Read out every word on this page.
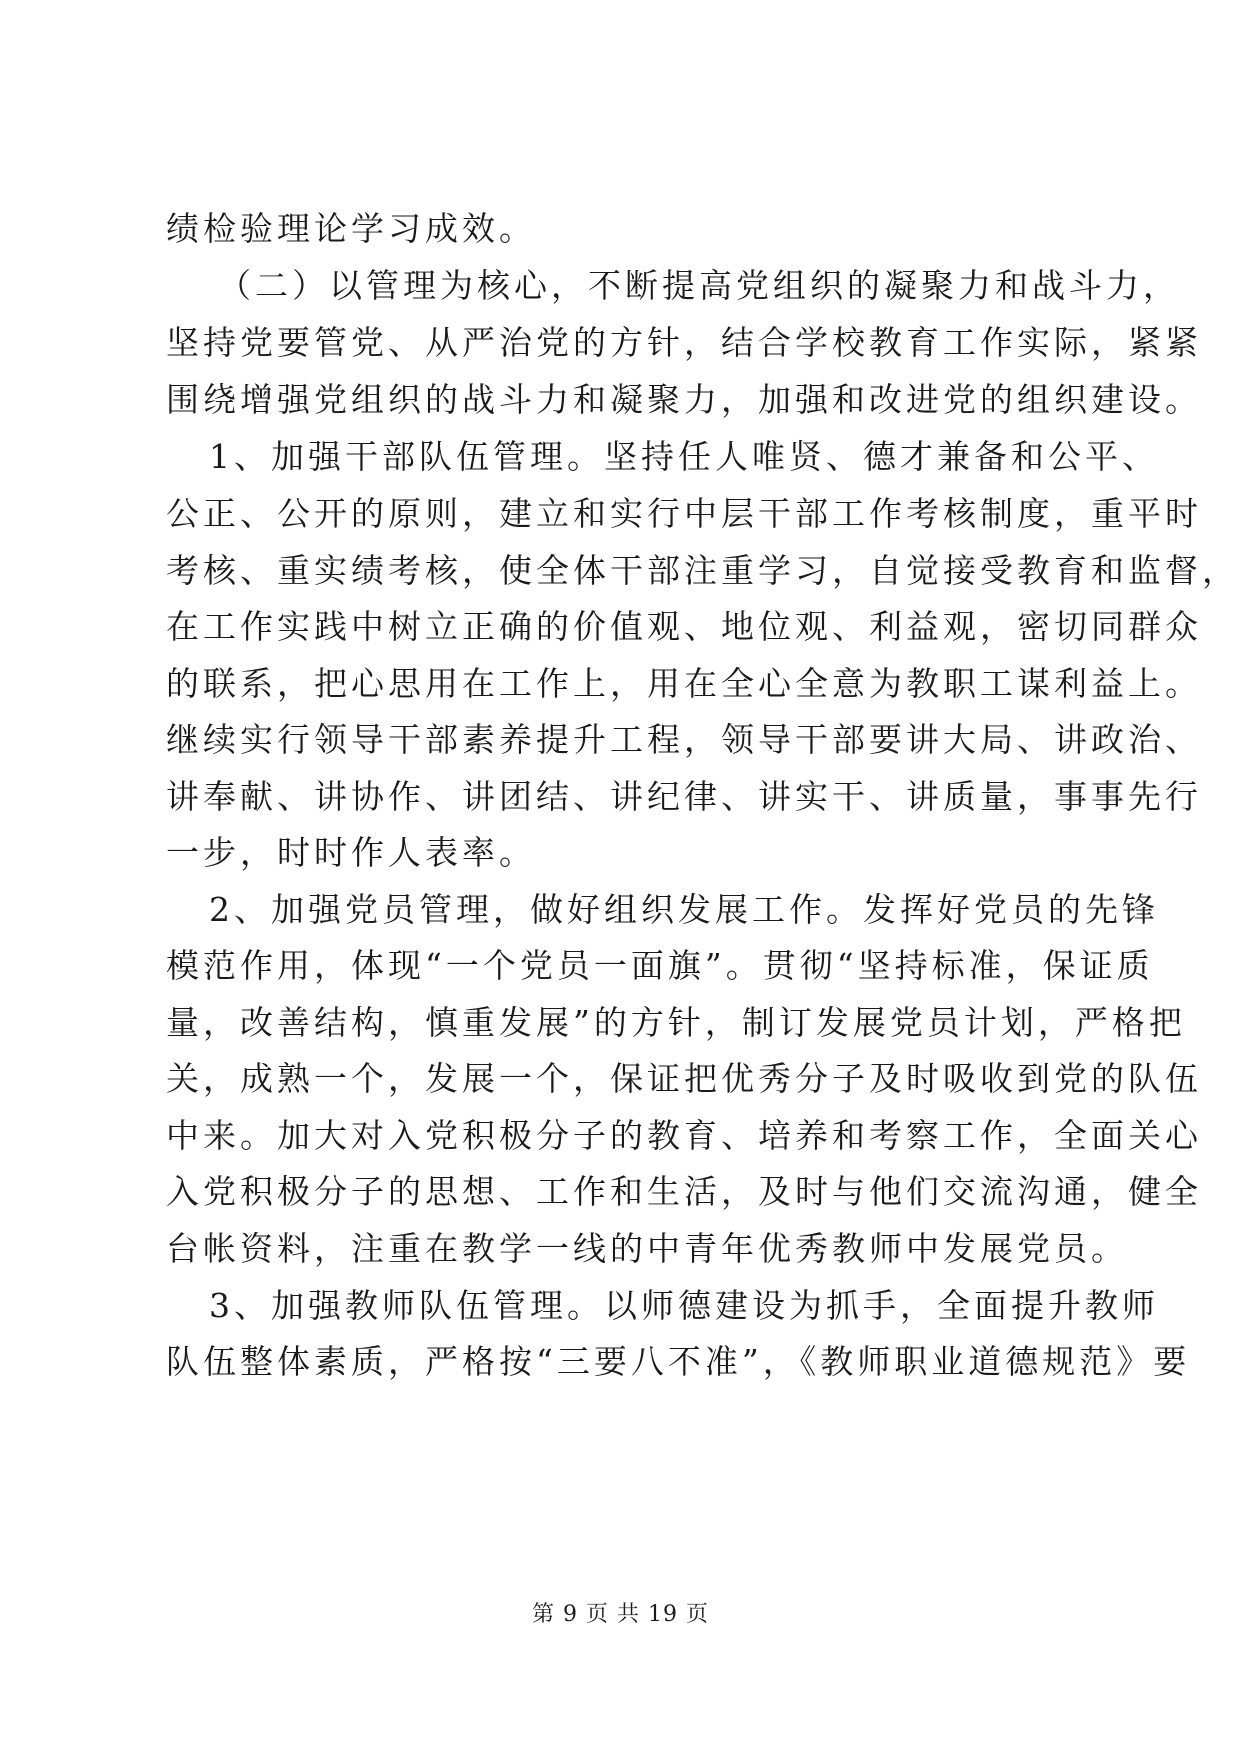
绩检验理论学习成效。
（二）以管理为核心，不断提高党组织的凝聚力和战斗力，
坚持党要管党、从严治党的方针，结合学校教育工作实际，紧紧
围绕增强党组织的战斗力和凝聚力，加强和改进党的组织建设。
1、加强干部队伍管理。坚持任人唯贤、德才兼备和公平、
公正、公开的原则，建立和实行中层干部工作考核制度，重平时
考核、重实绩考核，使全体干部注重学习，自觉接受教育和监督，
在工作实践中树立正确的价值观、地位观、利益观，密切同群众
的联系，把心思用在工作上，用在全心全意为教职工谋利益上。
继续实行领导干部素养提升工程，领导干部要讲大局、讲政治、
讲奉献、讲协作、讲团结、讲纪律、讲实干、讲质量，事事先行
一步，时时作人表率。
2、加强党员管理，做好组织发展工作。发挥好党员的先锋
模范作用，体现“一个党员一面旗”。贯彻“坚持标准，保证质
量，改善结构，慎重发展”的方针，制订发展党员计划，严格把
关，成熟一个，发展一个，保证把优秀分子及时吸收到党的队伍
中来。加大对入党积极分子的教育、培养和考察工作，全面关心
入党积极分子的思想、工作和生活，及时与他们交流沟通，健全
台帐资料，注重在教学一线的中青年优秀教师中发展党员。
3、加强教师队伍管理。以师德建设为抓手，全面提升教师
队伍整体素质，严格按“三要八不准”，《教师职业道德规范》要
第 9 页 共 19 页
